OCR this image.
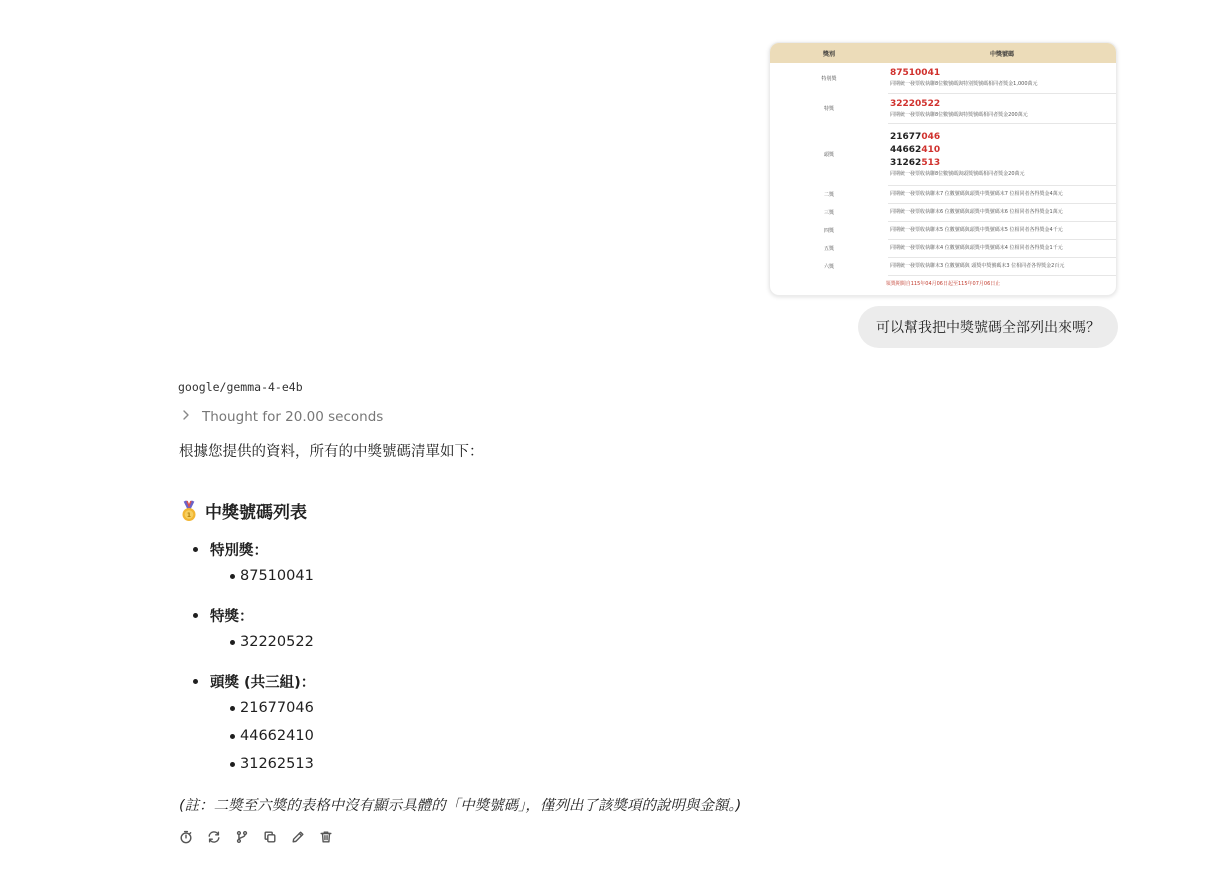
獎別	中獎號碼
特別獎	87510041
同期統一發票收執聯8位數號碼與特別獎號碼相同者獎金1,000萬元

特獎	32220522
同期統一發票收執聯8位數號碼與特獎號碼相同者獎金200萬元

頭獎	21677046
44662410
31262513
同期統一發票收執聯8位數號碼與頭獎號碼相同者獎金20萬元

二獎	同期統一發票收執聯末7 位數號碼與頭獎中獎號碼末7 位相同者各得獎金4萬元

三獎	同期統一發票收執聯末6 位數號碼與頭獎中獎號碼末6 位相同者各得獎金1萬元

四獎	同期統一發票收執聯末5 位數號碼與頭獎中獎號碼末5 位相同者各得獎金4千元

五獎	同期統一發票收執聯末4 位數號碼與頭獎中獎號碼末4 位相同者各得獎金1千元

六獎	同期統一發票收執聯末3 位數號碼與 頭獎中獎號碼末3 位相同者各得獎金2百元
領獎期間自115年04月06日起至115年07月06日止
可以幫我把中獎號碼全部列出來嗎？
google/gemma-4-e4b
Thought for 20.00 seconds
根據您提供的資料，所有的中獎號碼清單如下：
1 中獎號碼列表
特別獎：
87510041
特獎：
32220522
頭獎 (共三組)：
21677046
44662410
31262513
(註：二獎至六獎的表格中沒有顯示具體的「中獎號碼」，僅列出了該獎項的說明與金額。)
